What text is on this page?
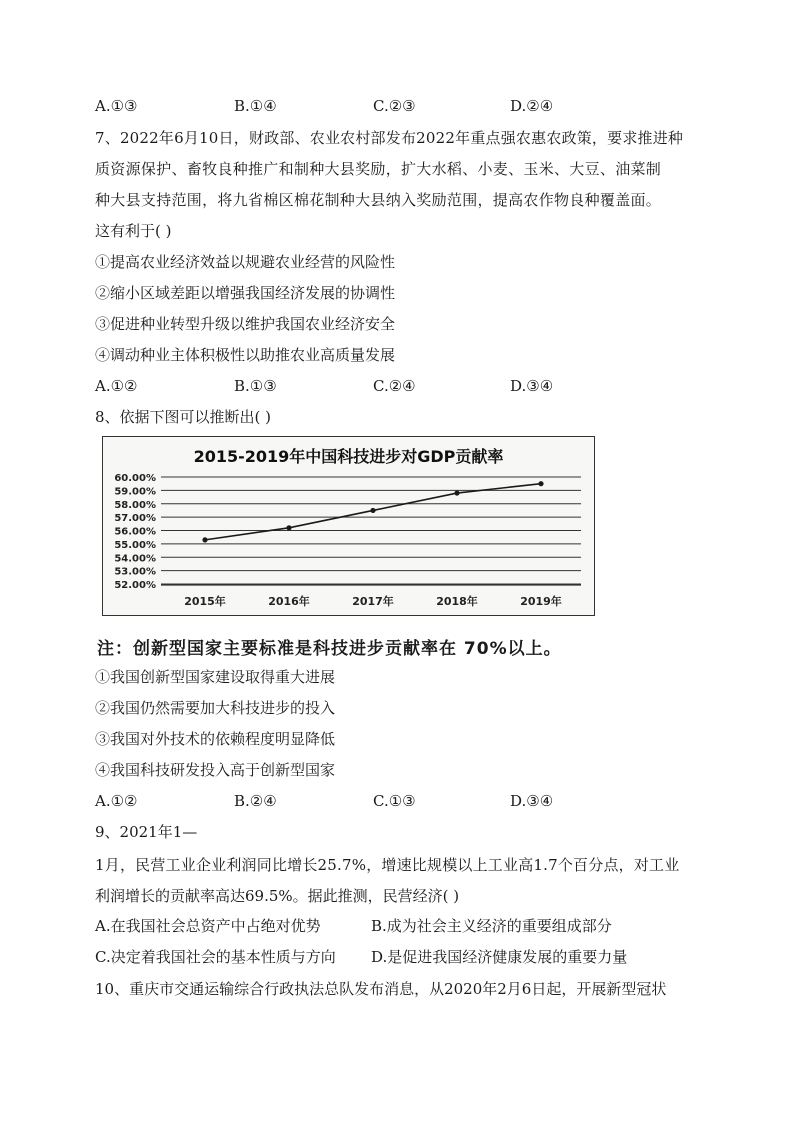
A.①③	B.①④	C.②③	D.②④
7、2022年6月10日，财政部、农业农村部发布2022年重点强农惠农政策，要求推进种
质资源保护、畜牧良种推广和制种大县奖励，扩大水稻、小麦、玉米、大豆、油菜制
种大县支持范围，将九省棉区棉花制种大县纳入奖励范围，提高农作物良种覆盖面。
这有利于( )
①提高农业经济效益以规避农业经营的风险性
②缩小区域差距以增强我国经济发展的协调性
③促进种业转型升级以维护我国农业经济安全
④调动种业主体积极性以助推农业高质量发展
A.①②	B.①③	C.②④	D.③④
8、依据下图可以推断出( )
60.00%
59.00%
58.00%
57.00%
56.00%
55.00%
54.00%
53.00%
52.00%
2015年	2016年	2017年	2018年	2019年
2015-2019年中国科技进步对GDP贡献率
注：创新型国家主要标准是科技进步贡献率在 70%以上。
①我国创新型国家建设取得重大进展
②我国仍然需要加大科技进步的投入
③我国对外技术的依赖程度明显降低
④我国科技研发投入高于创新型国家
A.①②	B.②④	C.①③	D.③④
9、2021年1—
1月，民营工业企业利润同比增长25.7%，增速比规模以上工业高1.7个百分点，对工业
利润增长的贡献率高达69.5%。据此推测，民营经济( )
A.在我国社会总资产中占绝对优势	B.成为社会主义经济的重要组成部分
C.决定着我国社会的基本性质与方向 D.是促进我国经济健康发展的重要力量
10、重庆市交通运输综合行政执法总队发布消息，从2020年2月6日起，开展新型冠状
